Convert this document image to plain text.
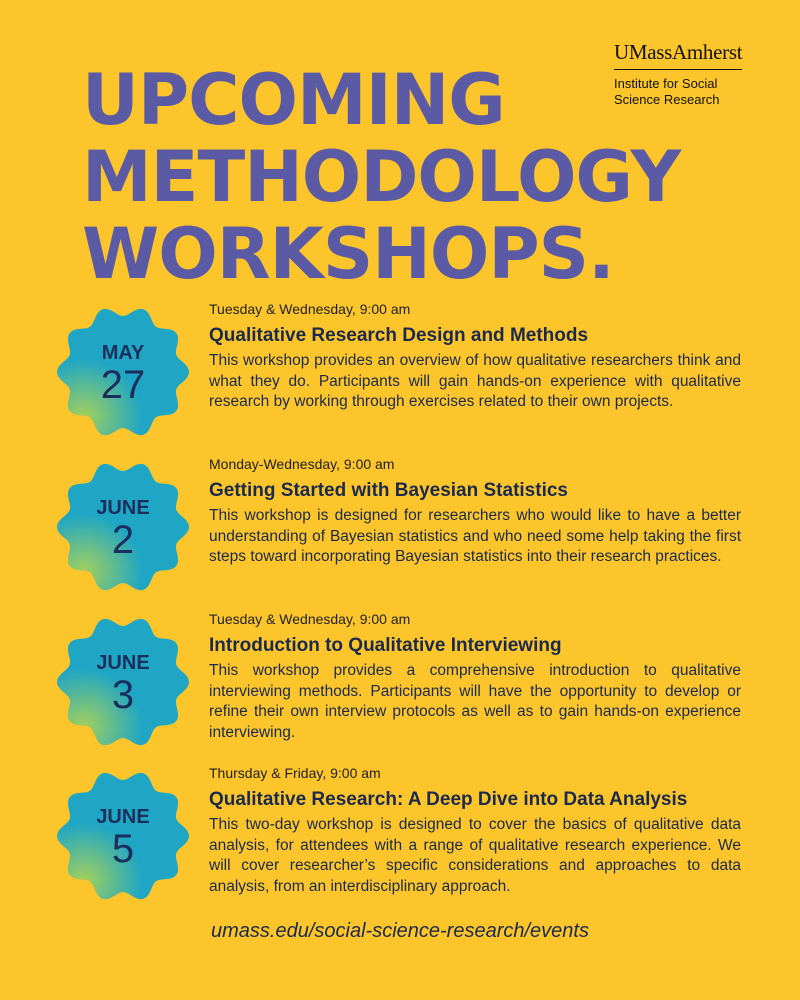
UMassAmherst
Institute for Social
Science Research
UPCOMING
METHODOLOGY
WORKSHOPS.
MAY
27
Tuesday & Wednesday, 9:00 am
Qualitative Research Design and Methods
This workshop provides an overview of how qualitative researchers think and what they do. Participants will gain hands-on experience with qualitative research by working through exercises related to their own projects.
JUNE
2
Monday-Wednesday, 9:00 am
Getting Started with Bayesian Statistics
This workshop is designed for researchers who would like to have a better understanding of Bayesian statistics and who need some help taking the first steps toward incorporating Bayesian statistics into their research practices.
JUNE
3
Tuesday & Wednesday, 9:00 am
Introduction to Qualitative Interviewing
This workshop provides a comprehensive introduction to qualitative interviewing methods. Participants will have the opportunity to develop or refine their own interview protocols as well as to gain hands-on experience interviewing.
JUNE
5
Thursday & Friday, 9:00 am
Qualitative Research: A Deep Dive into Data Analysis
This two-day workshop is designed to cover the basics of qualitative data analysis, for attendees with a range of qualitative research experience. We will cover researcher’s specific considerations and approaches to data analysis, from an interdisciplinary approach.
umass.edu/social-science-research/events
